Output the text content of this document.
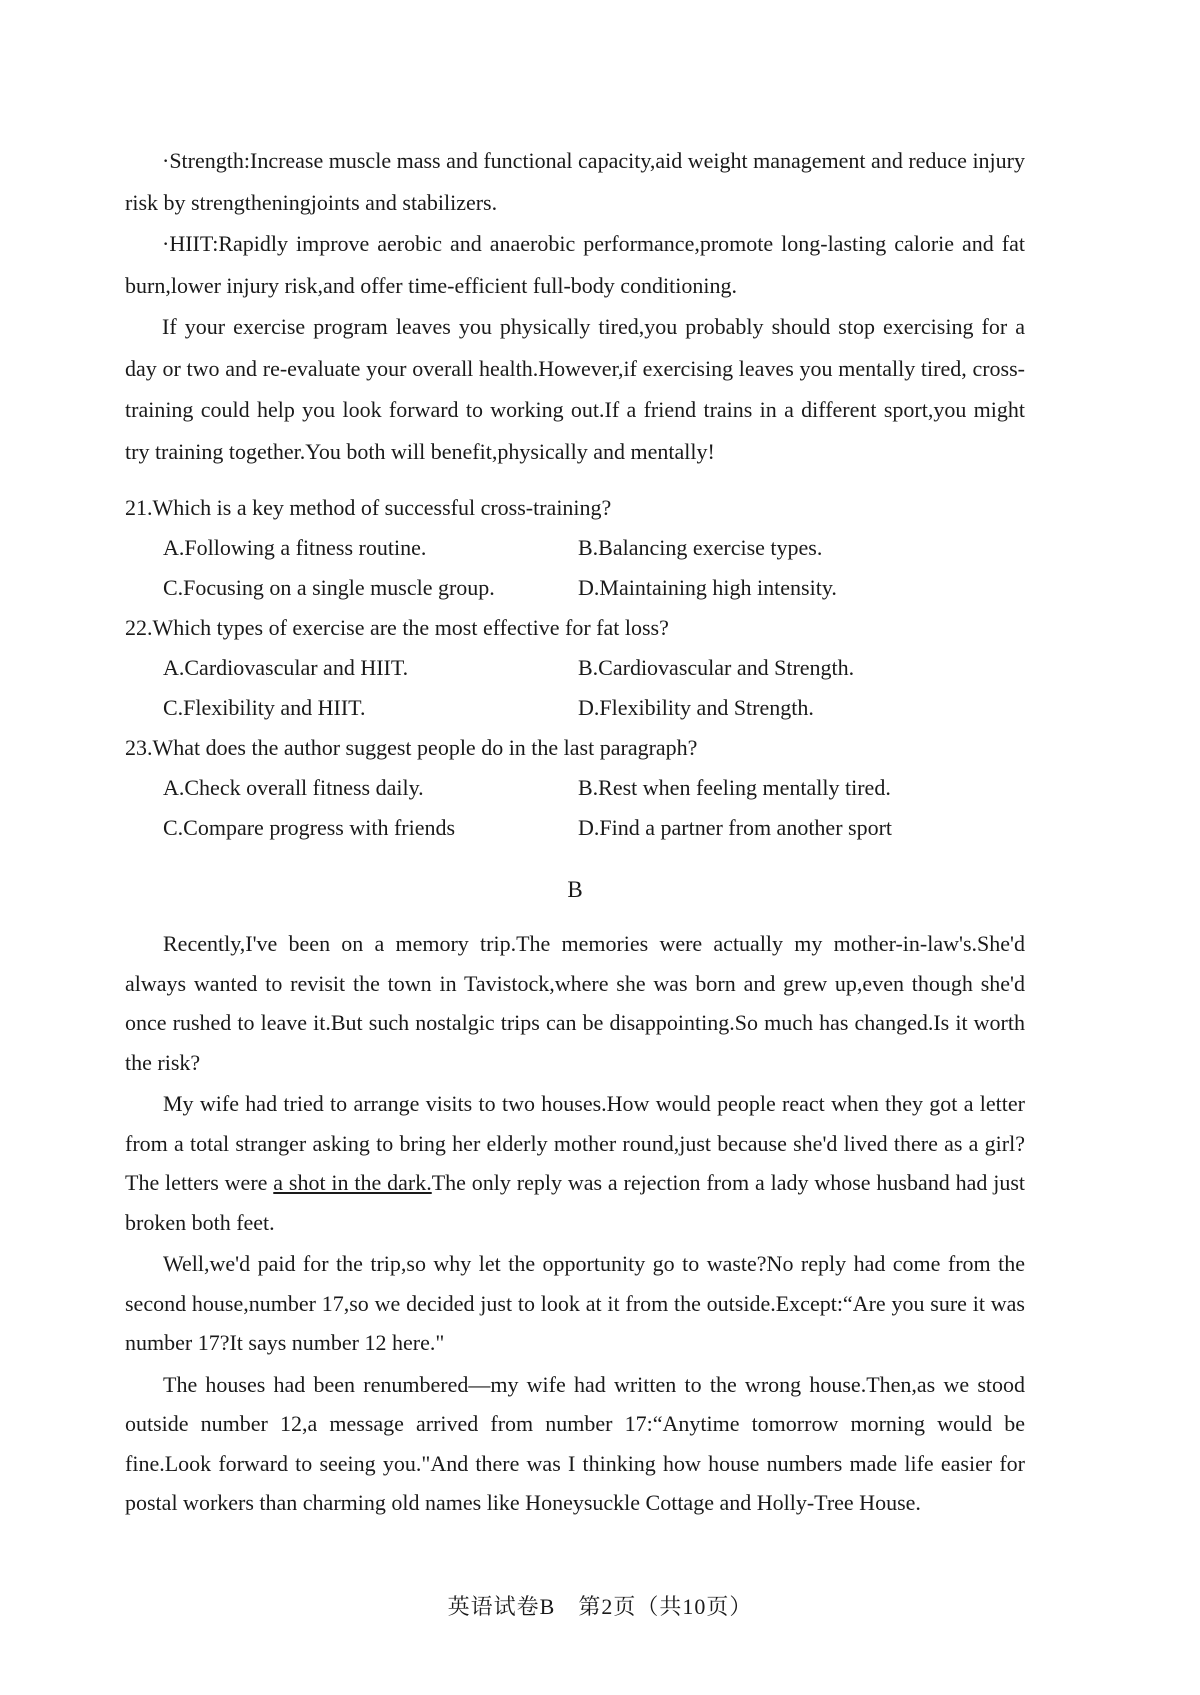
·Strength:Increase muscle mass and functional capacity,aid weight management and reduce injury risk by strengtheningjoints and stabilizers.

·HIIT:Rapidly improve aerobic and anaerobic performance,promote long-lasting calorie and fat burn,lower injury risk,and offer time-efficient full-body conditioning.

If your exercise program leaves you physically tired,you probably should stop exercising for a day or two and re-evaluate your overall health.However,if exercising leaves you mentally tired, cross-training could help you look forward to working out.If a friend trains in a different sport,you might try training together.You both will benefit,physically and mentally!

21.Which is a key method of successful cross-training?

A.Following a fitness routine.	B.Balancing exercise types.
C.Focusing on a single muscle group.	D.Maintaining high intensity.

22.Which types of exercise are the most effective for fat loss?

A.Cardiovascular and HIIT.	B.Cardiovascular and Strength.
C.Flexibility and HIIT.	D.Flexibility and Strength.

23.What does the author suggest people do in the last paragraph?

A.Check overall fitness daily.	B.Rest when feeling mentally tired.
C.Compare progress with friends	D.Find a partner from another sport

B

Recently,I've been on a memory trip.The memories were actually my mother-in-law's.She'd always wanted to revisit the town in Tavistock,where she was born and grew up,even though she'd once rushed to leave it.But such nostalgic trips can be disappointing.So much has changed.Is it worth the risk?

My wife had tried to arrange visits to two houses.How would people react when they got a letter from a total stranger asking to bring her elderly mother round,just because she'd lived there as a girl?The letters were a shot in the dark.The only reply was a rejection from a lady whose husband had just broken both feet.

Well,we'd paid for the trip,so why let the opportunity go to waste?No reply had come from the second house,number 17,so we decided just to look at it from the outside.Except:“Are you sure it was number 17?It says number 12 here."

The houses had been renumbered—my wife had written to the wrong house.Then,as we stood outside number 12,a message arrived from number 17:“Anytime tomorrow morning would be fine.Look forward to seeing you."And there was I thinking how house numbers made life easier for postal workers than charming old names like Honeysuckle Cottage and Holly-Tree House.

英语试卷B　第2页（共10页）
